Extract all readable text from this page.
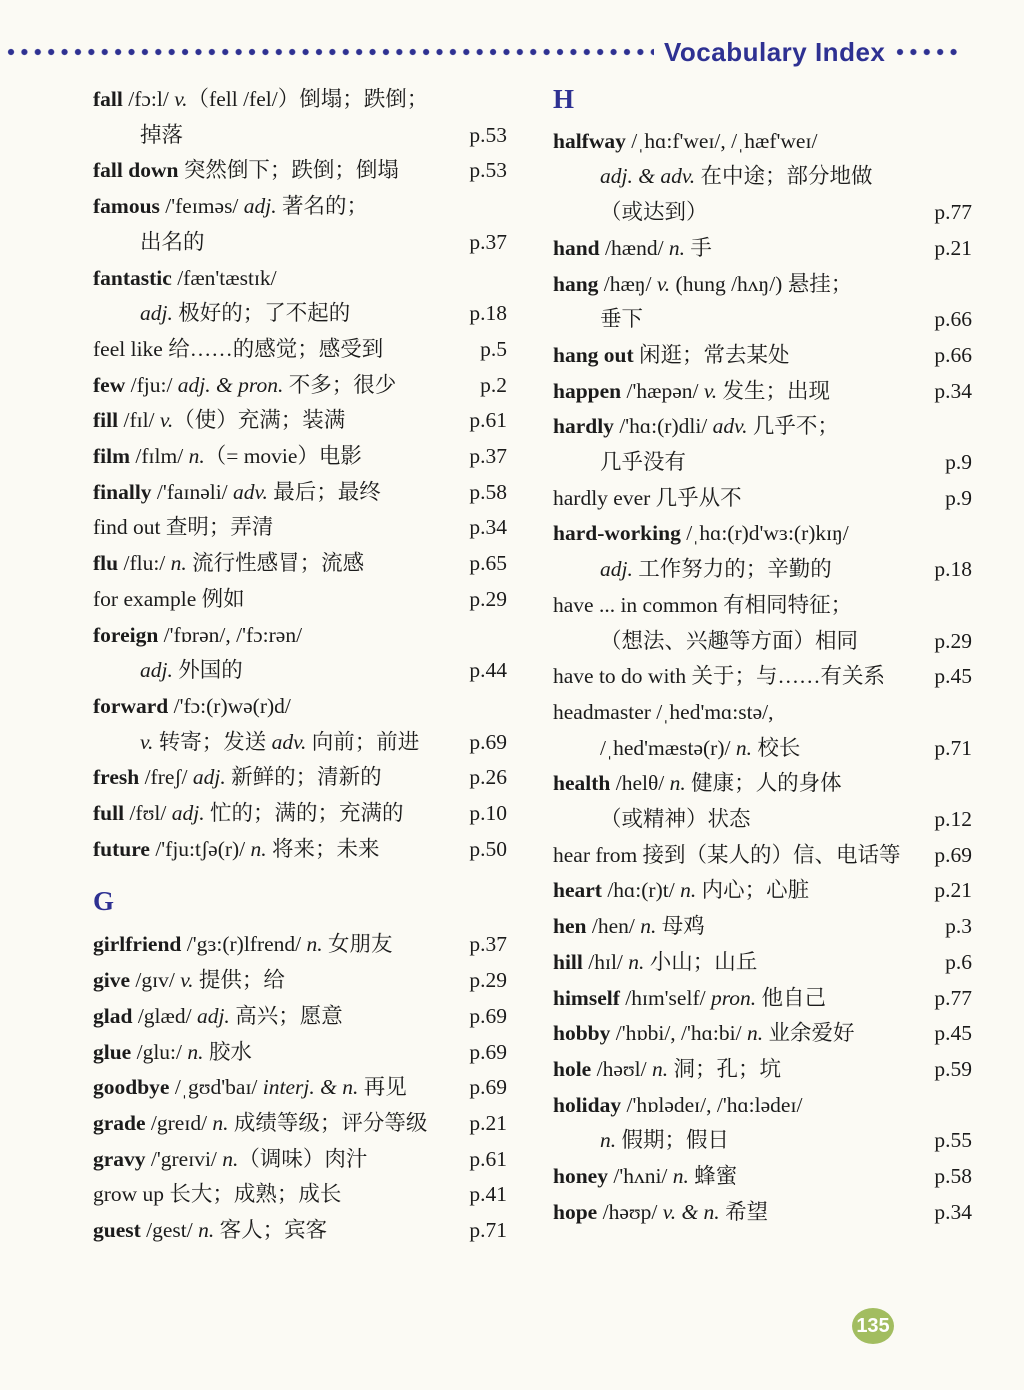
Vocabulary Index
fall /fɔ:l/ v.（fell /fel/）倒塌；跌倒；
掉落	p.53
fall down 突然倒下；跌倒；倒塌	p.53
famous /'feɪməs/ adj. 著名的；
出名的	p.37
fantastic /fæn'tæstɪk/
adj. 极好的；了不起的	p.18
feel like 给……的感觉；感受到	p.5
few /fju:/ adj. & pron. 不多；很少	p.2
fill /fɪl/ v.（使）充满；装满	p.61
film /fɪlm/ n.（= movie）电影	p.37
finally /'faɪnəli/ adv. 最后；最终	p.58
find out 查明；弄清	p.34
flu /flu:/ n. 流行性感冒；流感	p.65
for example 例如	p.29
foreign /'fɒrən/, /'fɔ:rən/
adj. 外国的	p.44
forward /'fɔ:(r)wə(r)d/
v. 转寄；发送 adv. 向前；前进 p.69
fresh /freʃ/ adj. 新鲜的；清新的	p.26
full /fʊl/ adj. 忙的；满的；充满的	p.10
future /'fju:tʃə(r)/ n. 将来；未来	p.50
G
girlfriend /'gɜ:(r)lfrend/ n. 女朋友	p.37
give /gɪv/ v. 提供；给	p.29
glad /glæd/ adj. 高兴；愿意	p.69
glue /glu:/ n. 胶水	p.69
goodbye /ˌgʊd'baɪ/ interj. & n. 再见	p.69
grade /greɪd/ n. 成绩等级；评分等级 p.21
gravy /'greɪvi/ n.（调味）肉汁	p.61
grow up 长大；成熟；成长	p.41
guest /gest/ n. 客人；宾客	p.71
H
halfway /ˌhɑ:f'weɪ/, /ˌhæf'weɪ/
adj. & adv. 在中途；部分地做
（或达到）	p.77
hand /hænd/ n. 手	p.21
hang /hæŋ/ v. (hung /hʌŋ/) 悬挂；
垂下	p.66
hang out 闲逛；常去某处	p.66
happen /'hæpən/ v. 发生；出现	p.34
hardly /'hɑ:(r)dli/ adv. 几乎不；
几乎没有	p.9
hardly ever 几乎从不	p.9
hard-working /ˌhɑ:(r)d'wɜ:(r)kɪŋ/
adj. 工作努力的；辛勤的	p.18
have ... in common 有相同特征；
（想法、兴趣等方面）相同	p.29
have to do with 关于；与……有关系 p.45
headmaster /ˌhed'mɑ:stə/,
/ˌhed'mæstə(r)/ n. 校长	p.71
health /helθ/ n. 健康；人的身体
（或精神）状态	p.12
hear from 接到（某人的）信、电话等 p.69
heart /hɑ:(r)t/ n. 内心；心脏	p.21
hen /hen/ n. 母鸡	p.3
hill /hɪl/ n. 小山；山丘	p.6
himself /hɪm'self/ pron. 他自己	p.77
hobby /'hɒbi/, /'hɑ:bi/ n. 业余爱好	p.45
hole /həʊl/ n. 洞；孔；坑	p.59
holiday /'hɒlədeɪ/, /'hɑ:lədeɪ/
n. 假期；假日	p.55
honey /'hʌni/ n. 蜂蜜	p.58
hope /həʊp/ v. & n. 希望	p.34
135
